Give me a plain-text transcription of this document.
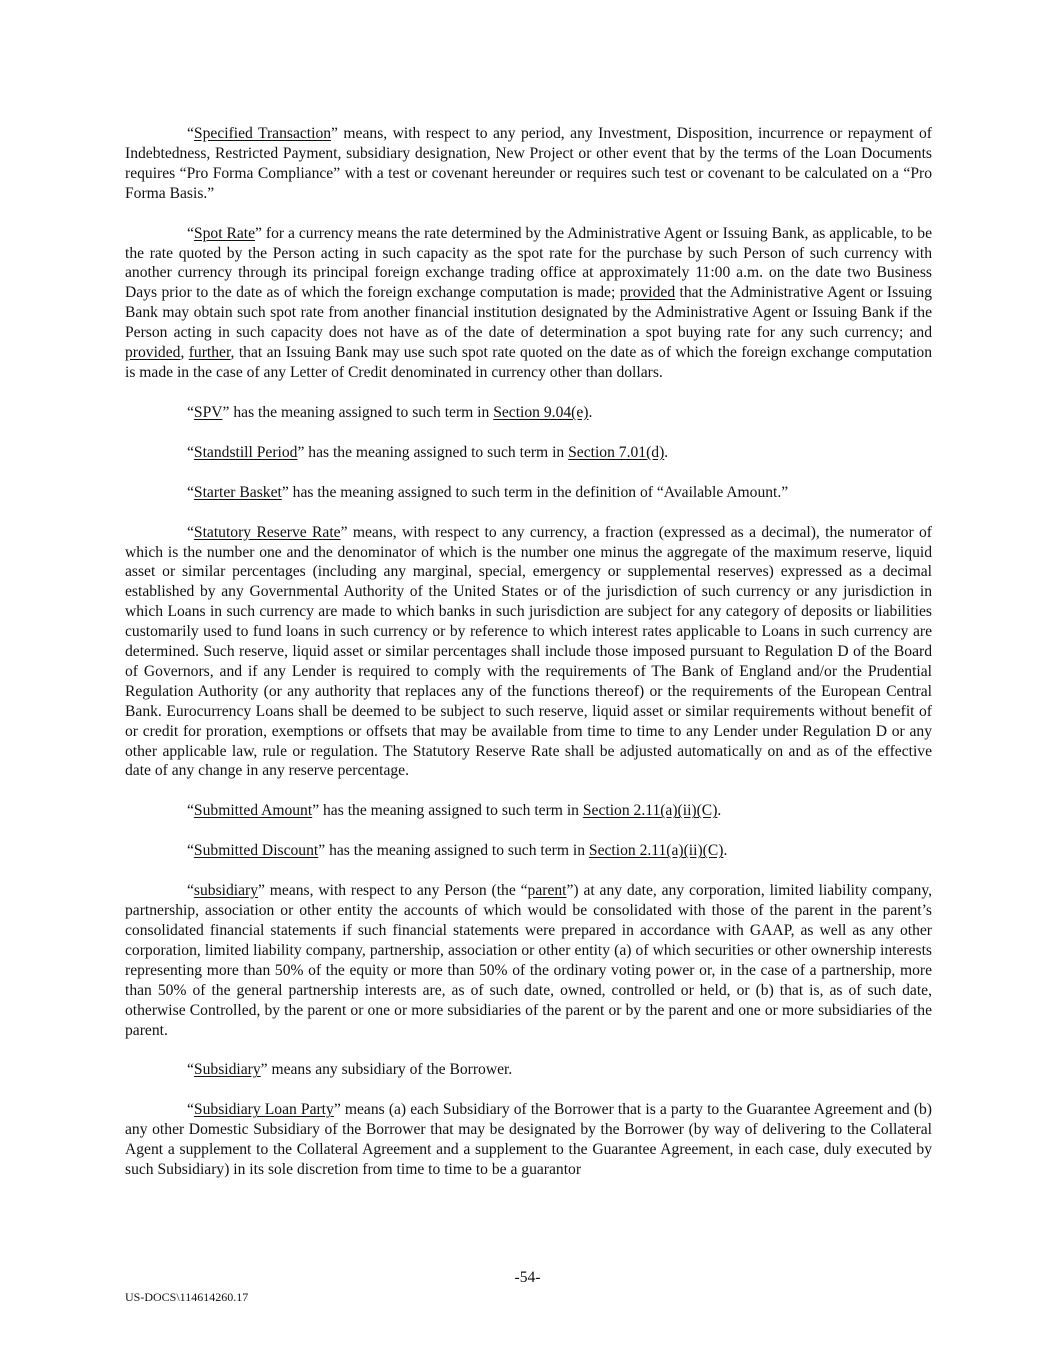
“Specified Transaction” means, with respect to any period, any Investment, Disposition, incurrence or repayment of Indebtedness, Restricted Payment, subsidiary designation, New Project or other event that by the terms of the Loan Documents requires “Pro Forma Compliance” with a test or covenant hereunder or requires such test or covenant to be calculated on a “Pro Forma Basis.”

“Spot Rate” for a currency means the rate determined by the Administrative Agent or Issuing Bank, as applicable, to be the rate quoted by the Person acting in such capacity as the spot rate for the purchase by such Person of such currency with another currency through its principal foreign exchange trading office at approximately 11:00 a.m. on the date two Business Days prior to the date as of which the foreign exchange computation is made; provided that the Administrative Agent or Issuing Bank may obtain such spot rate from another financial institution designated by the Administrative Agent or Issuing Bank if the Person acting in such capacity does not have as of the date of determination a spot buying rate for any such currency; and provided, further, that an Issuing Bank may use such spot rate quoted on the date as of which the foreign exchange computation is made in the case of any Letter of Credit denominated in currency other than dollars.

“SPV” has the meaning assigned to such term in Section 9.04(e).

“Standstill Period” has the meaning assigned to such term in Section 7.01(d).

“Starter Basket” has the meaning assigned to such term in the definition of “Available Amount.”

“Statutory Reserve Rate” means, with respect to any currency, a fraction (expressed as a decimal), the numerator of which is the number one and the denominator of which is the number one minus the aggregate of the maximum reserve, liquid asset or similar percentages (including any marginal, special, emergency or supplemental reserves) expressed as a decimal established by any Governmental Authority of the United States or of the jurisdiction of such currency or any jurisdiction in which Loans in such currency are made to which banks in such jurisdiction are subject for any category of deposits or liabilities customarily used to fund loans in such currency or by reference to which interest rates applicable to Loans in such currency are determined. Such reserve, liquid asset or similar percentages shall include those imposed pursuant to Regulation D of the Board of Governors, and if any Lender is required to comply with the requirements of The Bank of England and/or the Prudential Regulation Authority (or any authority that replaces any of the functions thereof) or the requirements of the European Central Bank. Eurocurrency Loans shall be deemed to be subject to such reserve, liquid asset or similar requirements without benefit of or credit for proration, exemptions or offsets that may be available from time to time to any Lender under Regulation D or any other applicable law, rule or regulation. The Statutory Reserve Rate shall be adjusted automatically on and as of the effective date of any change in any reserve percentage.

“Submitted Amount” has the meaning assigned to such term in Section 2.11(a)(ii)(C).

“Submitted Discount” has the meaning assigned to such term in Section 2.11(a)(ii)(C).

“subsidiary” means, with respect to any Person (the “parent”) at any date, any corporation, limited liability company, partnership, association or other entity the accounts of which would be consolidated with those of the parent in the parent’s consolidated financial statements if such financial statements were prepared in accordance with GAAP, as well as any other corporation, limited liability company, partnership, association or other entity (a) of which securities or other ownership interests representing more than 50% of the equity or more than 50% of the ordinary voting power or, in the case of a partnership, more than 50% of the general partnership interests are, as of such date, owned, controlled or held, or (b) that is, as of such date, otherwise Controlled, by the parent or one or more subsidiaries of the parent or by the parent and one or more subsidiaries of the parent.

“Subsidiary” means any subsidiary of the Borrower.

“Subsidiary Loan Party” means (a) each Subsidiary of the Borrower that is a party to the Guarantee Agreement and (b) any other Domestic Subsidiary of the Borrower that may be designated by the Borrower (by way of delivering to the Collateral Agent a supplement to the Collateral Agreement and a supplement to the Guarantee Agreement, in each case, duly executed by such Subsidiary) in its sole discretion from time to time to be a guarantor

-54-
US-DOCS\114614260.17
